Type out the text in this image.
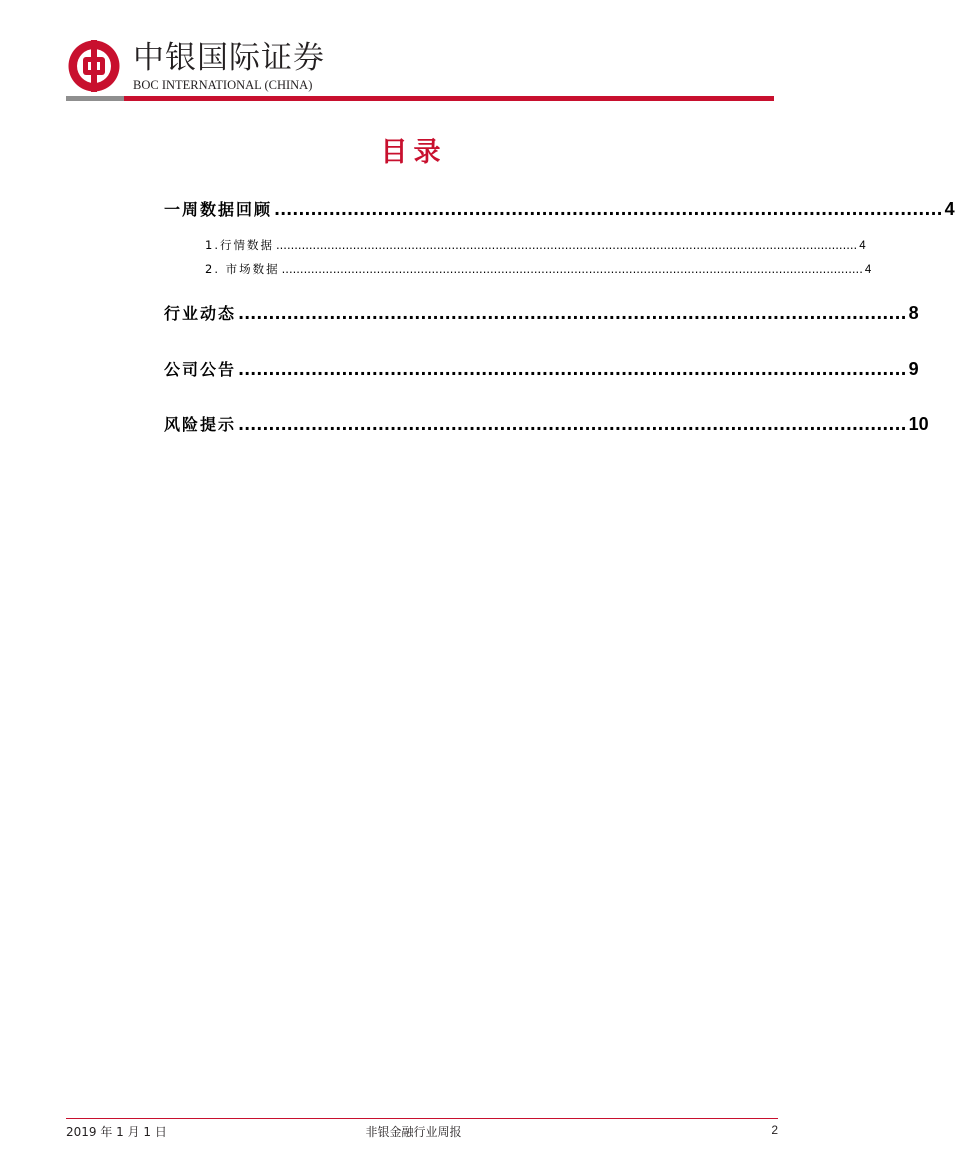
中银国际证券
BOC INTERNATIONAL (CHINA)
目录
一周数据回顾 .............................................................................................................. 4
1.行情数据 ............................................................................................................................................................... 4
2. 市场数据 ............................................................................................................................................................... 4
行业动态 .............................................................................................................. 8
公司公告 .............................................................................................................. 9
风险提示 .............................................................................................................. 10
2019 年 1 月 1 日	非银金融行业周报	2
